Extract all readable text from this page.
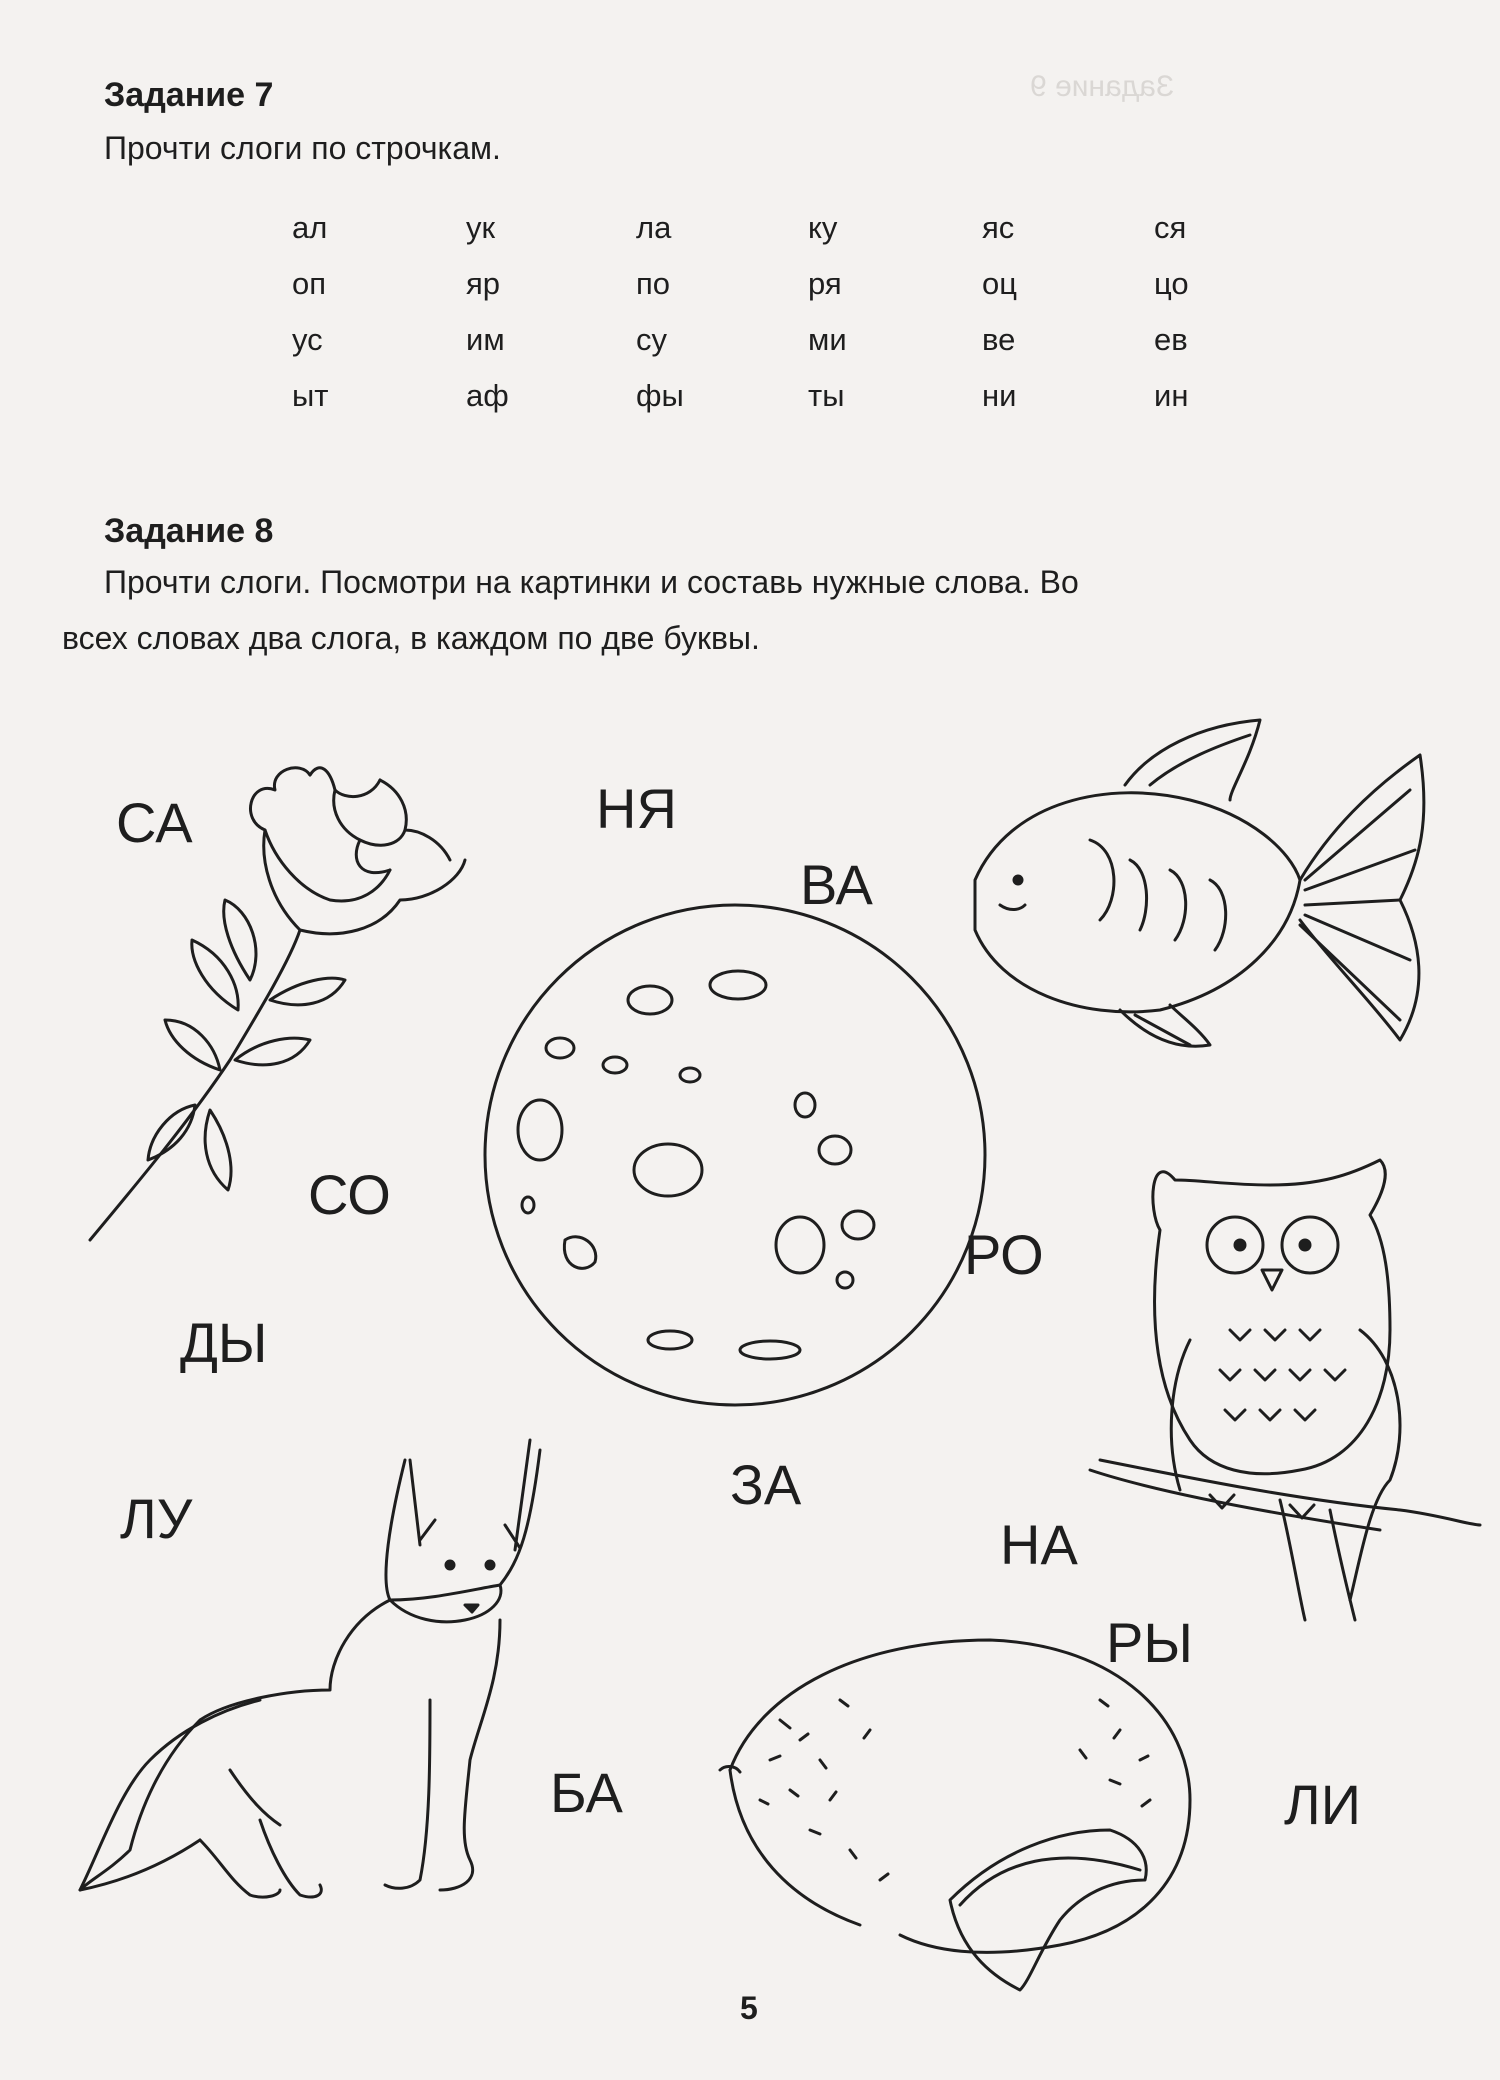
Задание 9
Задание 7
Прочти слоги по строчкам.
ал
оп
ус
ыт
ук
яр
им
аф
ла
по
су
фы
ку
ря
ми
ты
яс
оц
ве
ни
ся
цо
ев
ин
Задание 8
Прочти слоги. Посмотри на картинки и составь нужные слова. Во
всех словах два слога, в каждом по две буквы.
СА	НЯ
ВА
СО
РО
ДЫ
ЛУ
ЗА
НА
РЫ
БА	ЛИ
5
